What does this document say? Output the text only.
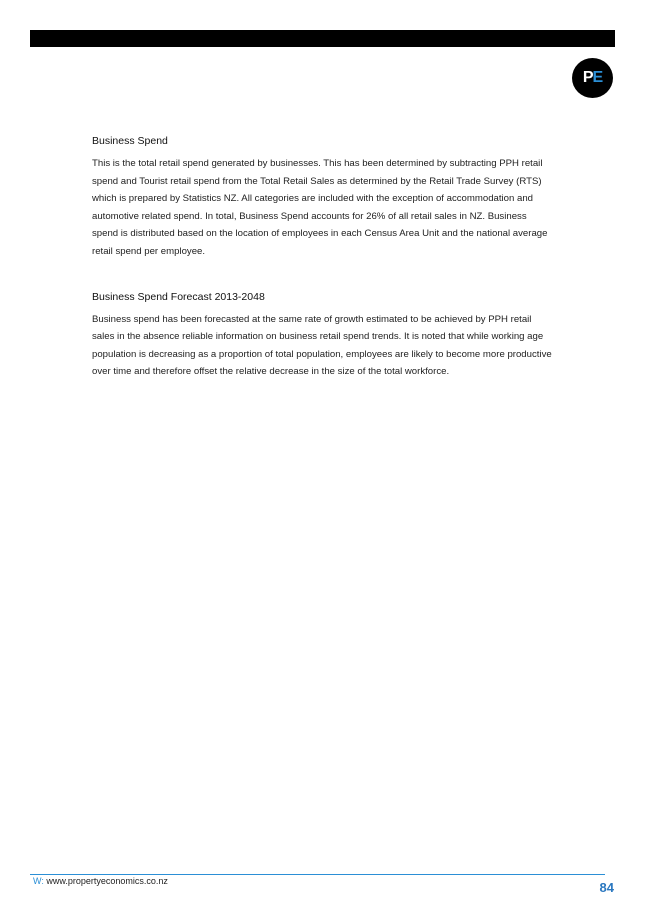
P E
Business Spend

This is the total retail spend generated by businesses. This has been determined by subtracting PPH retail spend and Tourist retail spend from the Total Retail Sales as determined by the Retail Trade Survey (RTS) which is prepared by Statistics NZ. All categories are included with the exception of accommodation and automotive related spend. In total, Business Spend accounts for 26% of all retail sales in NZ. Business spend is distributed based on the location of employees in each Census Area Unit and the national average retail spend per employee.

Business Spend Forecast 2013-2048

Business spend has been forecasted at the same rate of growth estimated to be achieved by PPH retail sales in the absence reliable information on business retail spend trends. It is noted that while working age population is decreasing as a proportion of total population, employees are likely to become more productive over time and therefore offset the relative decrease in the size of the total workforce.

W: www.propertyeconomics.co.nz	84
